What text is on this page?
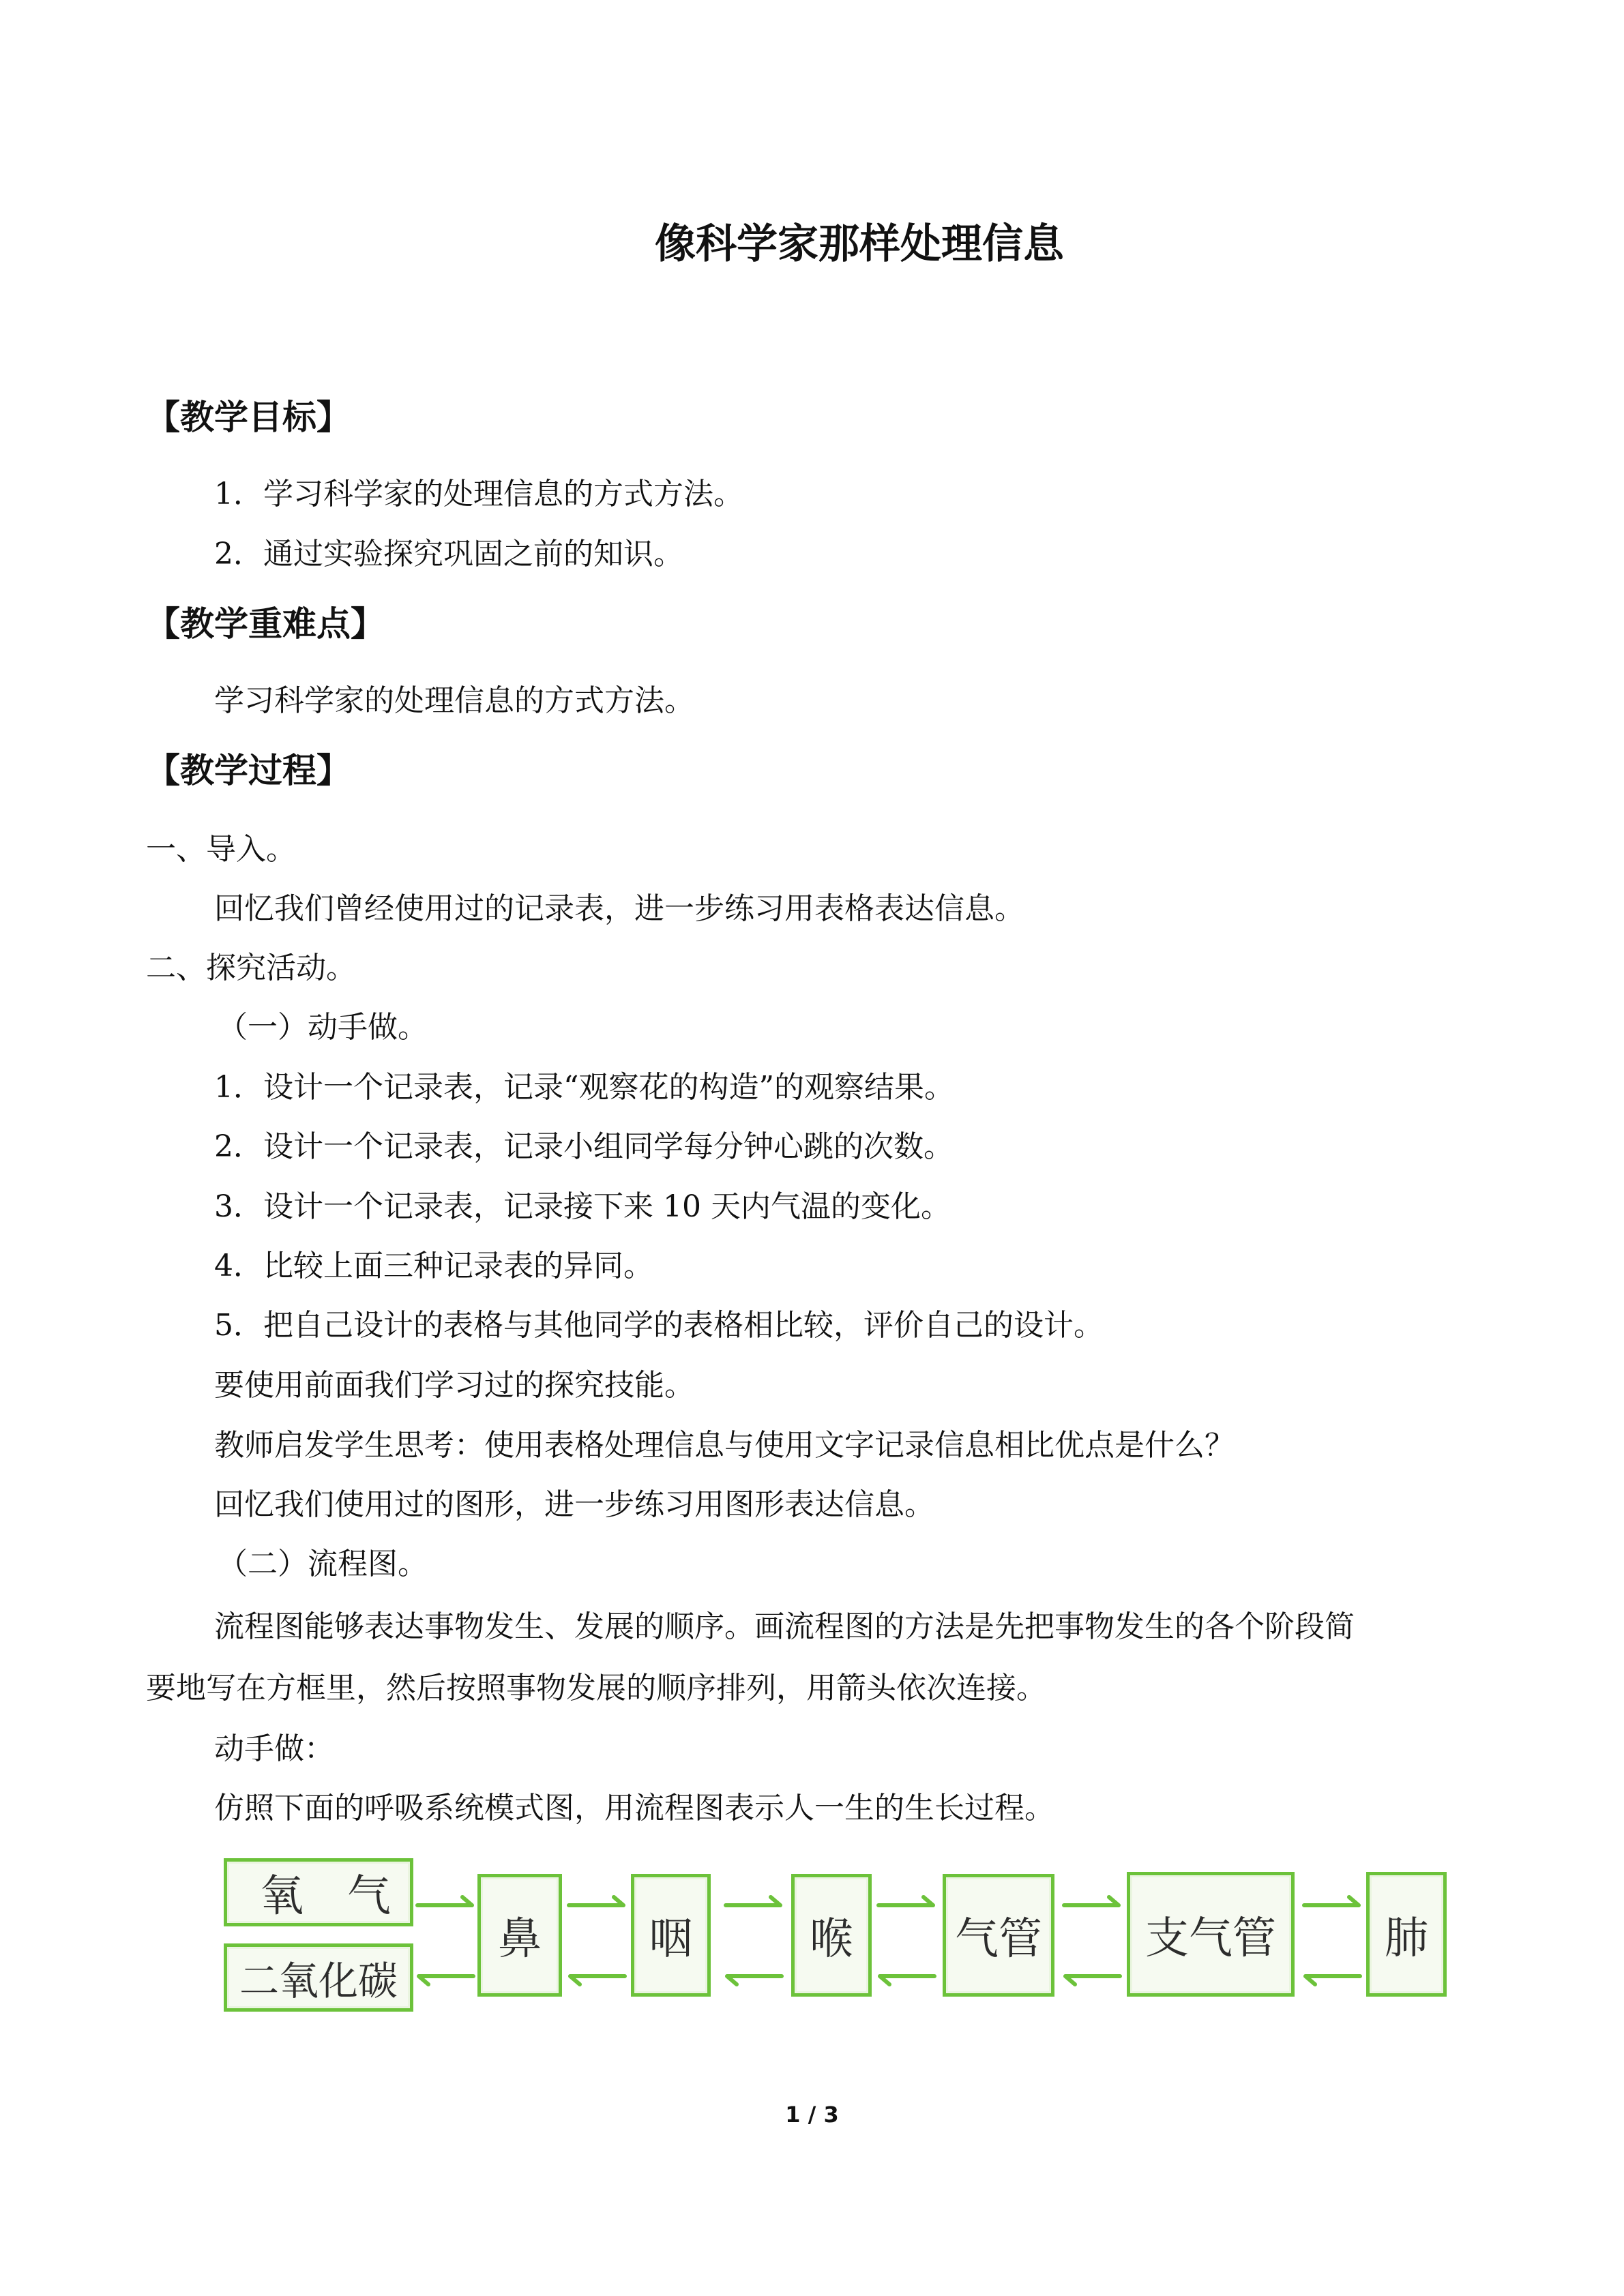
像科学家那样处理信息
【教学目标】
1．学习科学家的处理信息的方式方法。
2．通过实验探究巩固之前的知识。
【教学重难点】
学习科学家的处理信息的方式方法。
【教学过程】
一、导入。
回忆我们曾经使用过的记录表，进一步练习用表格表达信息。
二、探究活动。
（一）动手做。
1．设计一个记录表，记录“观察花的构造”的观察结果。
2．设计一个记录表，记录小组同学每分钟心跳的次数。
3．设计一个记录表，记录接下来 10 天内气温的变化。
4．比较上面三种记录表的异同。
5．把自己设计的表格与其他同学的表格相比较，评价自己的设计。
要使用前面我们学习过的探究技能。
教师启发学生思考：使用表格处理信息与使用文字记录信息相比优点是什么？
回忆我们使用过的图形，进一步练习用图形表达信息。
（二）流程图。
流程图能够表达事物发生、发展的顺序。画流程图的方法是先把事物发生的各个阶段简
要地写在方框里，然后按照事物发展的顺序排列，用箭头依次连接。
动手做：
仿照下面的呼吸系统模式图，用流程图表示人一生的生长过程。
氧　气
二氧化碳
鼻	咽	喉	气管	支气管	肺
1 / 3
